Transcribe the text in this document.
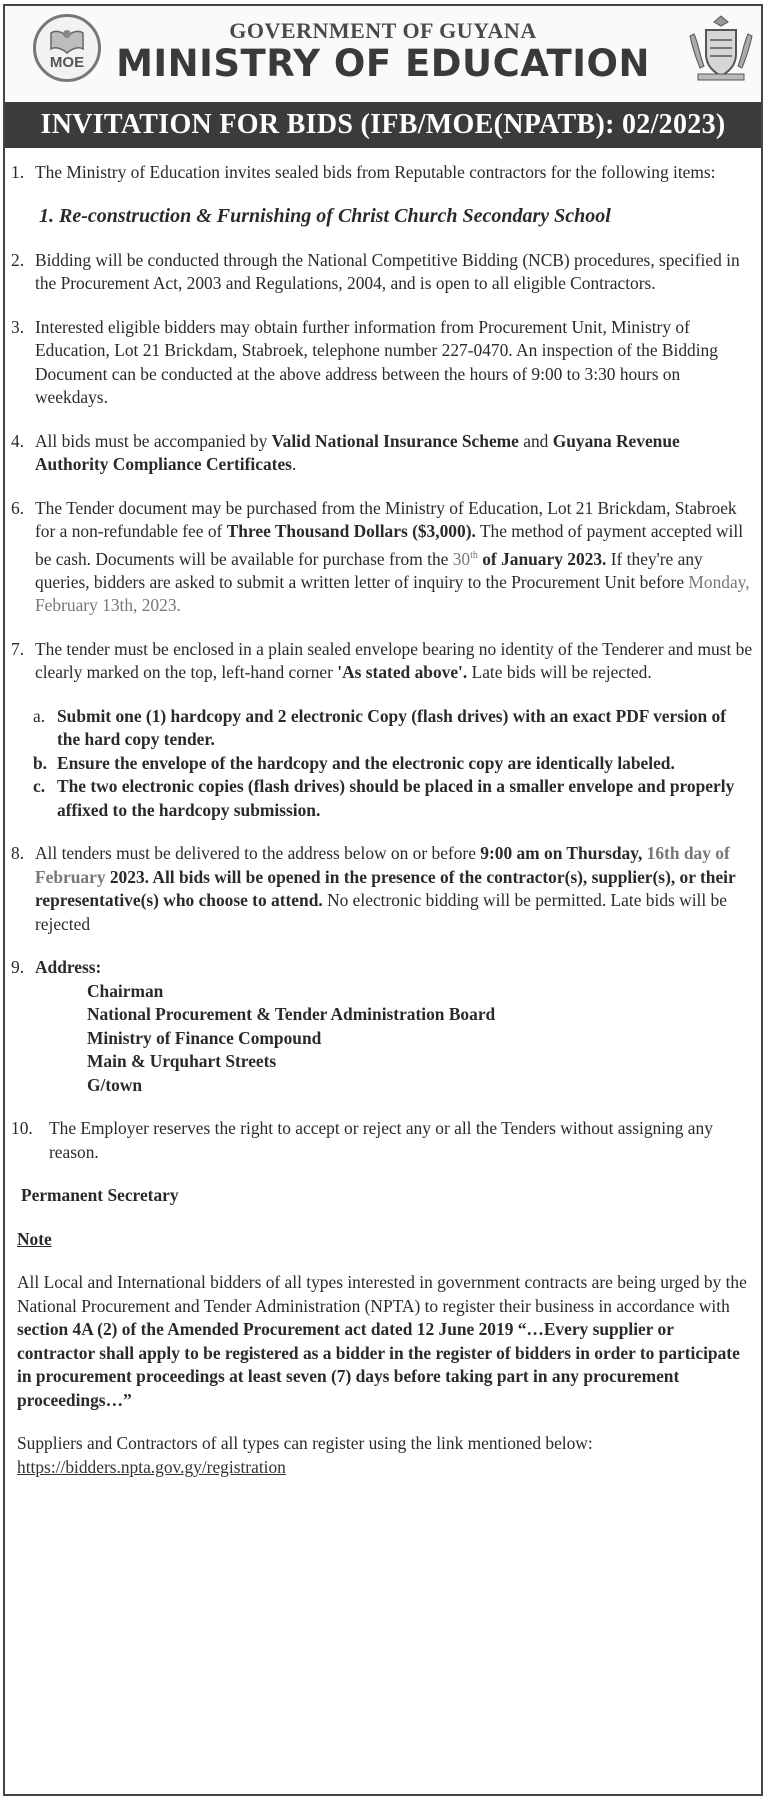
MOE
GOVERNMENT OF GUYANA
MINISTRY OF EDUCATION
INVITATION FOR BIDS (IFB/MOE(NPATB): 02/2023)
1. The Ministry of Education invites sealed bids from Reputable contractors for the following items:
1. Re-construction & Furnishing of Christ Church Secondary School
2. Bidding will be conducted through the National Competitive Bidding (NCB) procedures, specified in the Procurement Act, 2003 and Regulations, 2004, and is open to all eligible Contractors.
3. Interested eligible bidders may obtain further information from Procurement Unit, Ministry of Education, Lot 21 Brickdam, Stabroek, telephone number 227-0470. An inspection of the Bidding Document can be conducted at the above address between the hours of 9:00 to 3:30 hours on weekdays.
4. All bids must be accompanied by Valid National Insurance Scheme and Guyana Revenue Authority Compliance Certificates.
6. The Tender document may be purchased from the Ministry of Education, Lot 21 Brickdam, Stabroek for a non-refundable fee of Three Thousand Dollars ($3,000). The method of payment accepted will be cash. Documents will be available for purchase from the 30th of January 2023. If they're any queries, bidders are asked to submit a written letter of inquiry to the Procurement Unit before Monday, February 13th, 2023.
7. The tender must be enclosed in a plain sealed envelope bearing no identity of the Tenderer and must be clearly marked on the top, left-hand corner 'As stated above'. Late bids will be rejected.
a. Submit one (1) hardcopy and 2 electronic Copy (flash drives) with an exact PDF version of the hard copy tender.
b. Ensure the envelope of the hardcopy and the electronic copy are identically labeled.
c. The two electronic copies (flash drives) should be placed in a smaller envelope and properly affixed to the hardcopy submission.
8. All tenders must be delivered to the address below on or before 9:00 am on Thursday, 16th day of February 2023. All bids will be opened in the presence of the contractor(s), supplier(s), or their representative(s) who choose to attend. No electronic bidding will be permitted. Late bids will be rejected
9. Address:
Chairman
National Procurement & Tender Administration Board
Ministry of Finance Compound
Main & Urquhart Streets
G/town
10. The Employer reserves the right to accept or reject any or all the Tenders without assigning any reason.
Permanent Secretary
Note
All Local and International bidders of all types interested in government contracts are being urged by the National Procurement and Tender Administration (NPTA) to register their business in accordance with section 4A (2) of the Amended Procurement act dated 12 June 2019 “…Every supplier or contractor shall apply to be registered as a bidder in the register of bidders in order to participate in procurement proceedings at least seven (7) days before taking part in any procurement proceedings…”
Suppliers and Contractors of all types can register using the link mentioned below:
https://bidders.npta.gov.gy/registration
